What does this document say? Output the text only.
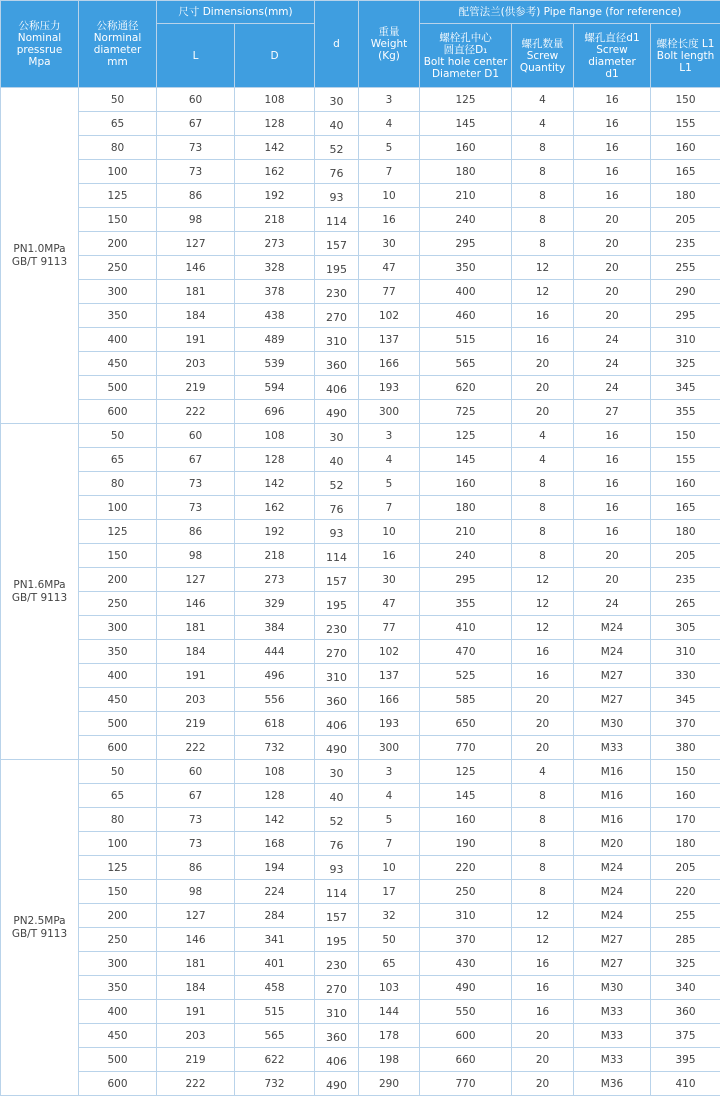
公称压力
Nominal
pressrue
Mpa	公称通径
Norminal
diameter
mm	尺寸 Dimensions(mm)		d	重量
Weight
(Kg)	配管法兰(供参考) Pipe flange (for reference)			
		L	D			螺栓孔中心
圆直径D₁
Bolt hole center
Diameter D1	螺孔数量
Screw
Quantity	螺孔直径d1
Screw diameter
d1	螺栓长度 L1
Bolt length L1

PN1.0MPa
GB/T 9113	50	60	108	30	3	125	4	16	150
	65	67	128	40	4	145	4	16	155
	80	73	142	52	5	160	8	16	160
	100	73	162	76	7	180	8	16	165
	125	86	192	93	10	210	8	16	180
	150	98	218	114	16	240	8	20	205
	200	127	273	157	30	295	8	20	235
	250	146	328	195	47	350	12	20	255
	300	181	378	230	77	400	12	20	290
	350	184	438	270	102	460	16	20	295
	400	191	489	310	137	515	16	24	310
	450	203	539	360	166	565	20	24	325
	500	219	594	406	193	620	20	24	345
	600	222	696	490	300	725	20	27	355

PN1.6MPa
GB/T 9113	50	60	108	30	3	125	4	16	150
	65	67	128	40	4	145	4	16	155
	80	73	142	52	5	160	8	16	160
	100	73	162	76	7	180	8	16	165
	125	86	192	93	10	210	8	16	180
	150	98	218	114	16	240	8	20	205
	200	127	273	157	30	295	12	20	235
	250	146	329	195	47	355	12	24	265
	300	181	384	230	77	410	12	M24	305
	350	184	444	270	102	470	16	M24	310
	400	191	496	310	137	525	16	M27	330
	450	203	556	360	166	585	20	M27	345
	500	219	618	406	193	650	20	M30	370
	600	222	732	490	300	770	20	M33	380

PN2.5MPa
GB/T 9113	50	60	108	30	3	125	4	M16	150
	65	67	128	40	4	145	8	M16	160
	80	73	142	52	5	160	8	M16	170
	100	73	168	76	7	190	8	M20	180
	125	86	194	93	10	220	8	M24	205
	150	98	224	114	17	250	8	M24	220
	200	127	284	157	32	310	12	M24	255
	250	146	341	195	50	370	12	M27	285
	300	181	401	230	65	430	16	M27	325
	350	184	458	270	103	490	16	M30	340
	400	191	515	310	144	550	16	M33	360
	450	203	565	360	178	600	20	M33	375
	500	219	622	406	198	660	20	M33	395
	600	222	732	490	290	770	20	M36	410
